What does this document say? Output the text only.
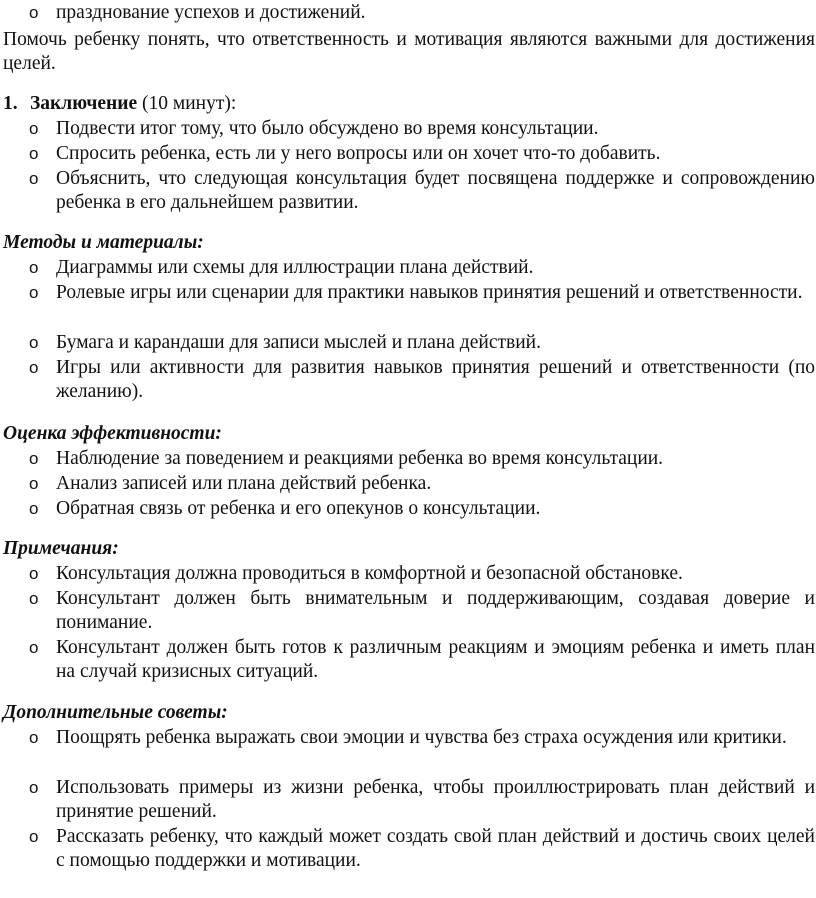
o празднование успехов и достижений.

Помочь ребенку понять, что ответственность и мотивация являются важными для достижения целей.

1. Заключение (10 минут):
o Подвести итог тому, что было обсуждено во время консультации.
o Спросить ребенка, есть ли у него вопросы или он хочет что-то добавить.
o Объяснить, что следующая консультация будет посвящена поддержке и сопровождению ребенка в его дальнейшем развитии.
Методы и материалы:
o Диаграммы или схемы для иллюстрации плана действий.
o Ролевые игры или сценарии для практики навыков принятия решений и ответственности.
o Бумага и карандаши для записи мыслей и плана действий.
o Игры или активности для развития навыков принятия решений и ответственности (по желанию).
Оценка эффективности:
o Наблюдение за поведением и реакциями ребенка во время консультации.
o Анализ записей или плана действий ребенка.
o Обратная связь от ребенка и его опекунов о консультации.
Примечания:
o Консультация должна проводиться в комфортной и безопасной обстановке.
o Консультант должен быть внимательным и поддерживающим, создавая доверие и понимание.
o Консультант должен быть готов к различным реакциям и эмоциям ребенка и иметь план на случай кризисных ситуаций.
Дополнительные советы:
o Поощрять ребенка выражать свои эмоции и чувства без страха осуждения или критики.
o Использовать примеры из жизни ребенка, чтобы проиллюстрировать план действий и принятие решений.
o Рассказать ребенку, что каждый может создать свой план действий и достичь своих целей с помощью поддержки и мотивации.
